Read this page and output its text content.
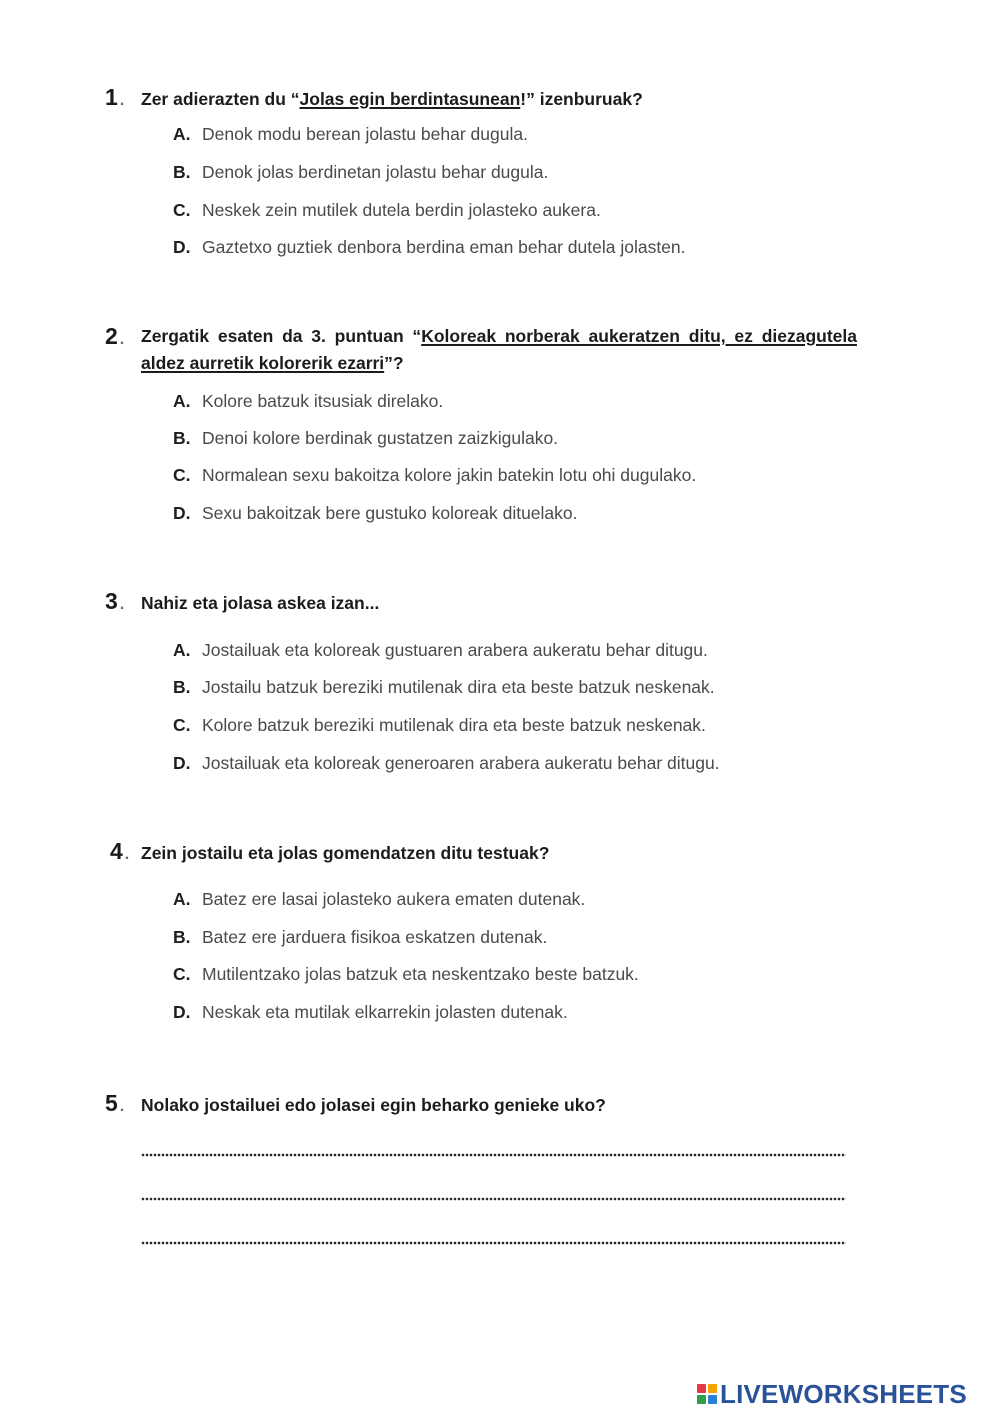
1 .
2 .
3 .
4 .
5 .
Zer adierazten du “Jolas egin berdintasunean!” izenburuak?
Zergatik esaten da 3. puntuan “Koloreak norberak aukeratzen ditu, ez diezagutela aldez aurretik kolorerik ezarri”?
Nahiz eta jolasa askea izan...
Zein jostailu eta jolas gomendatzen ditu testuak?
Nolako jostailuei edo jolasei egin beharko genieke uko?
A. Denok modu berean jolastu behar dugula.
B. Denok jolas berdinetan jolastu behar dugula.
C. Neskek zein mutilek dutela berdin jolasteko aukera.
D. Gaztetxo guztiek denbora berdina eman behar dutela jolasten.
A. Kolore batzuk itsusiak direlako.
B. Denoi kolore berdinak gustatzen zaizkigulako.
C. Normalean sexu bakoitza kolore jakin batekin lotu ohi dugulako.
D. Sexu bakoitzak bere gustuko koloreak dituelako.
A. Jostailuak eta koloreak gustuaren arabera aukeratu behar ditugu.
B. Jostailu batzuk bereziki mutilenak dira eta beste batzuk neskenak.
C. Kolore batzuk bereziki mutilenak dira eta beste batzuk neskenak.
D. Jostailuak eta koloreak generoaren arabera aukeratu behar ditugu.
A. Batez ere lasai jolasteko aukera ematen dutenak.
B. Batez ere jarduera fisikoa eskatzen dutenak.
C. Mutilentzako jolas batzuk eta neskentzako beste batzuk.
D. Neskak eta mutilak elkarrekin jolasten dutenak.
LIVEWORKSHEETS
